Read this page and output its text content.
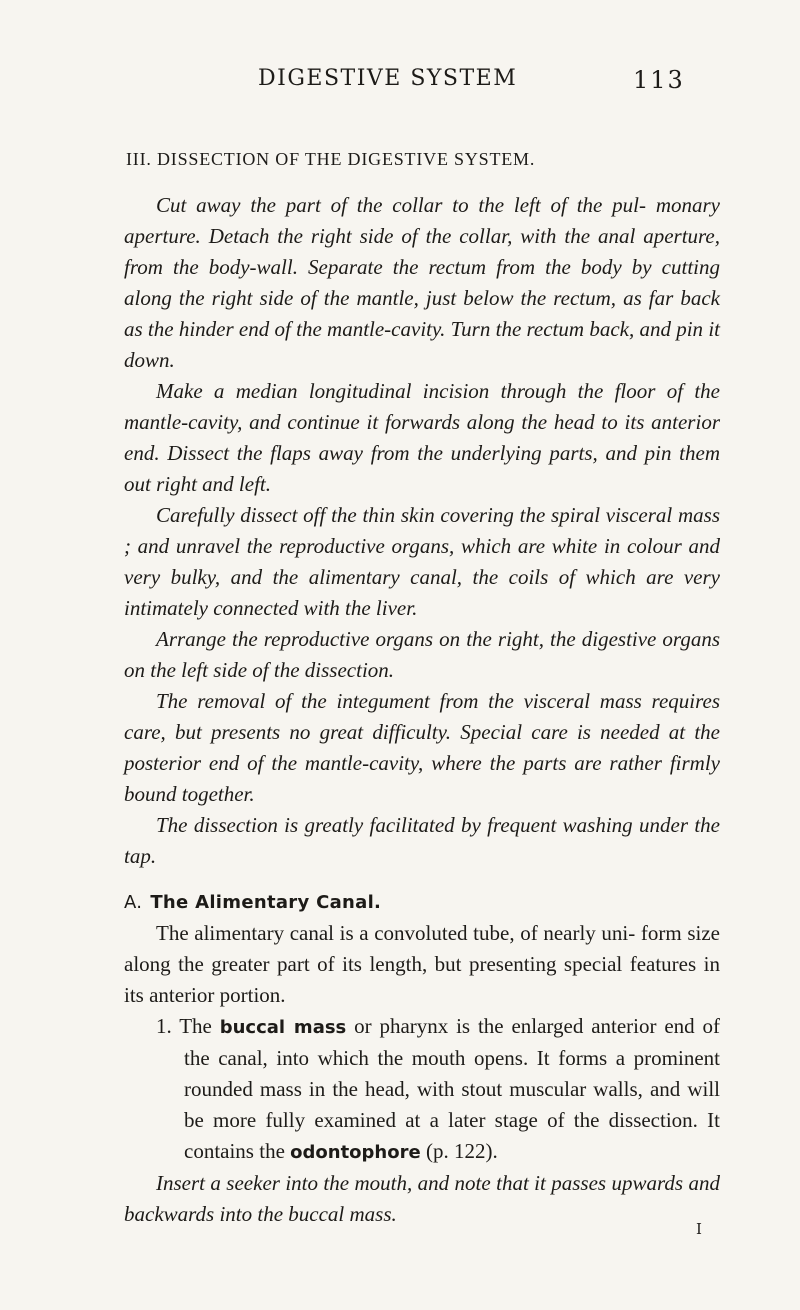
DIGESTIVE SYSTEM	113

III. DISSECTION OF THE DIGESTIVE SYSTEM.

Cut away the part of the collar to the left of the pul- monary aperture. Detach the right side of the collar, with the anal aperture, from the body-wall. Separate the rectum from the body by cutting along the right side of the mantle, just below the rectum, as far back as the hinder end of the mantle-cavity. Turn the rectum back, and pin it down.

Make a median longitudinal incision through the floor of the mantle-cavity, and continue it forwards along the head to its anterior end. Dissect the flaps away from the underlying parts, and pin them out right and left.

Carefully dissect off the thin skin covering the spiral visceral mass ; and unravel the reproductive organs, which are white in colour and very bulky, and the alimentary canal, the coils of which are very intimately connected with the liver.

Arrange the reproductive organs on the right, the digestive organs on the left side of the dissection.

The removal of the integument from the visceral mass requires care, but presents no great difficulty. Special care is needed at the posterior end of the mantle-cavity, where the parts are rather firmly bound together.

The dissection is greatly facilitated by frequent washing under the tap.

A. The Alimentary Canal.

The alimentary canal is a convoluted tube, of nearly uni- form size along the greater part of its length, but presenting special features in its anterior portion.

1. The buccal mass or pharynx is the enlarged anterior end of the canal, into which the mouth opens. It forms a prominent rounded mass in the head, with stout muscular walls, and will be more fully examined at a later stage of the dissection. It contains the odontophore (p. 122).

Insert a seeker into the mouth, and note that it passes upwards and backwards into the buccal mass.

I
